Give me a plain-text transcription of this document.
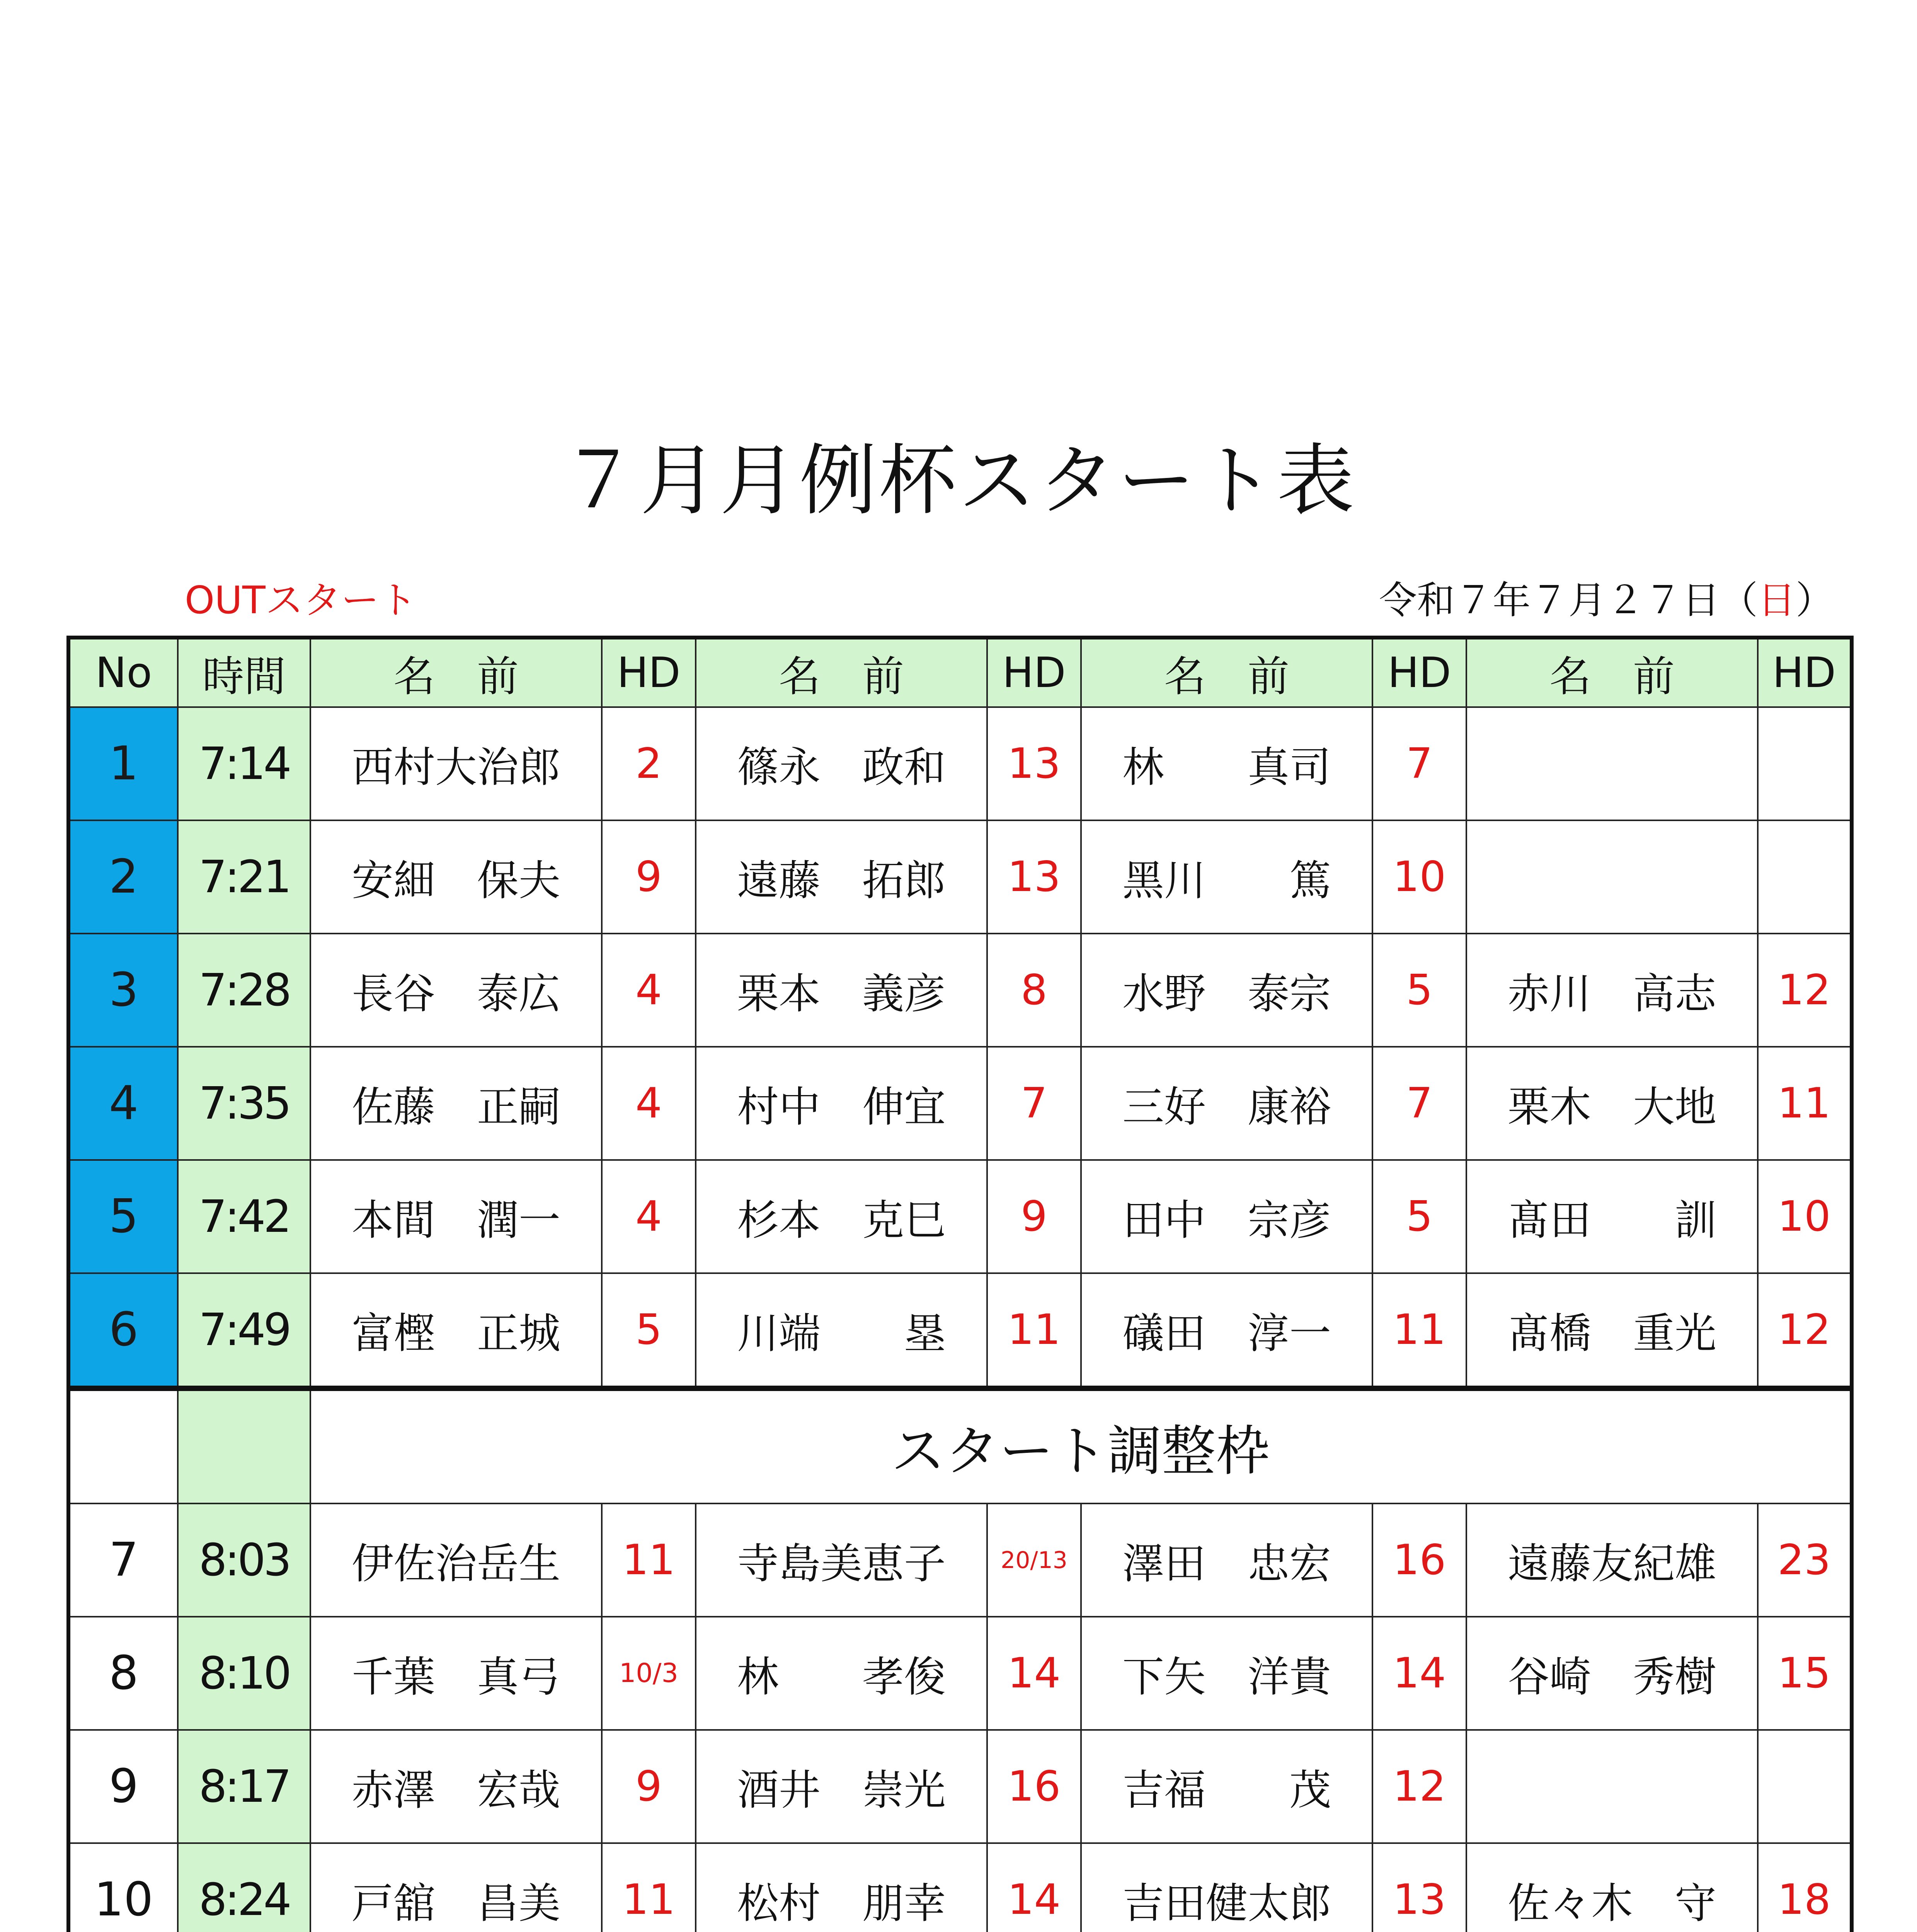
７月月例杯スタート表
OUTスタート	令和７年７月２７日（日）
No	時間	名　前	HD	名　前	HD	名　前	HD	名　前	HD
1	7:14	西村大治郎	2	篠永　政和	13	林　　真司	7		
2	7:21	安細　保夫	9	遠藤　拓郎	13	黑川　　篤	10		
3	7:28	長谷　泰広	4	栗本　義彦	8	水野　泰宗	5	赤川　高志	12
4	7:35	佐藤　正嗣	4	村中　伸宜	7	三好　康裕	7	栗木　大地	11
5	7:42	本間　潤一	4	杉本　克巳	9	田中　宗彦	5	髙田　　訓	10
6	7:49	富樫　正城	5	川端　　塁	11	礒田　淳一	11	髙橋　重光	12
		スタート調整枠							
7	8:03	伊佐治岳生	11	寺島美恵子	20/13	澤田　忠宏	16	遠藤友紀雄	23
8	8:10	千葉　真弓	10/3	林　　孝俊	14	下矢　洋貴	14	谷崎　秀樹	15
9	8:17	赤澤　宏哉	9	酒井　崇光	16	吉福　　茂	12		
10	8:24	戸舘　昌美	11	松村　朋幸	14	吉田健太郎	13	佐々木　守	18
